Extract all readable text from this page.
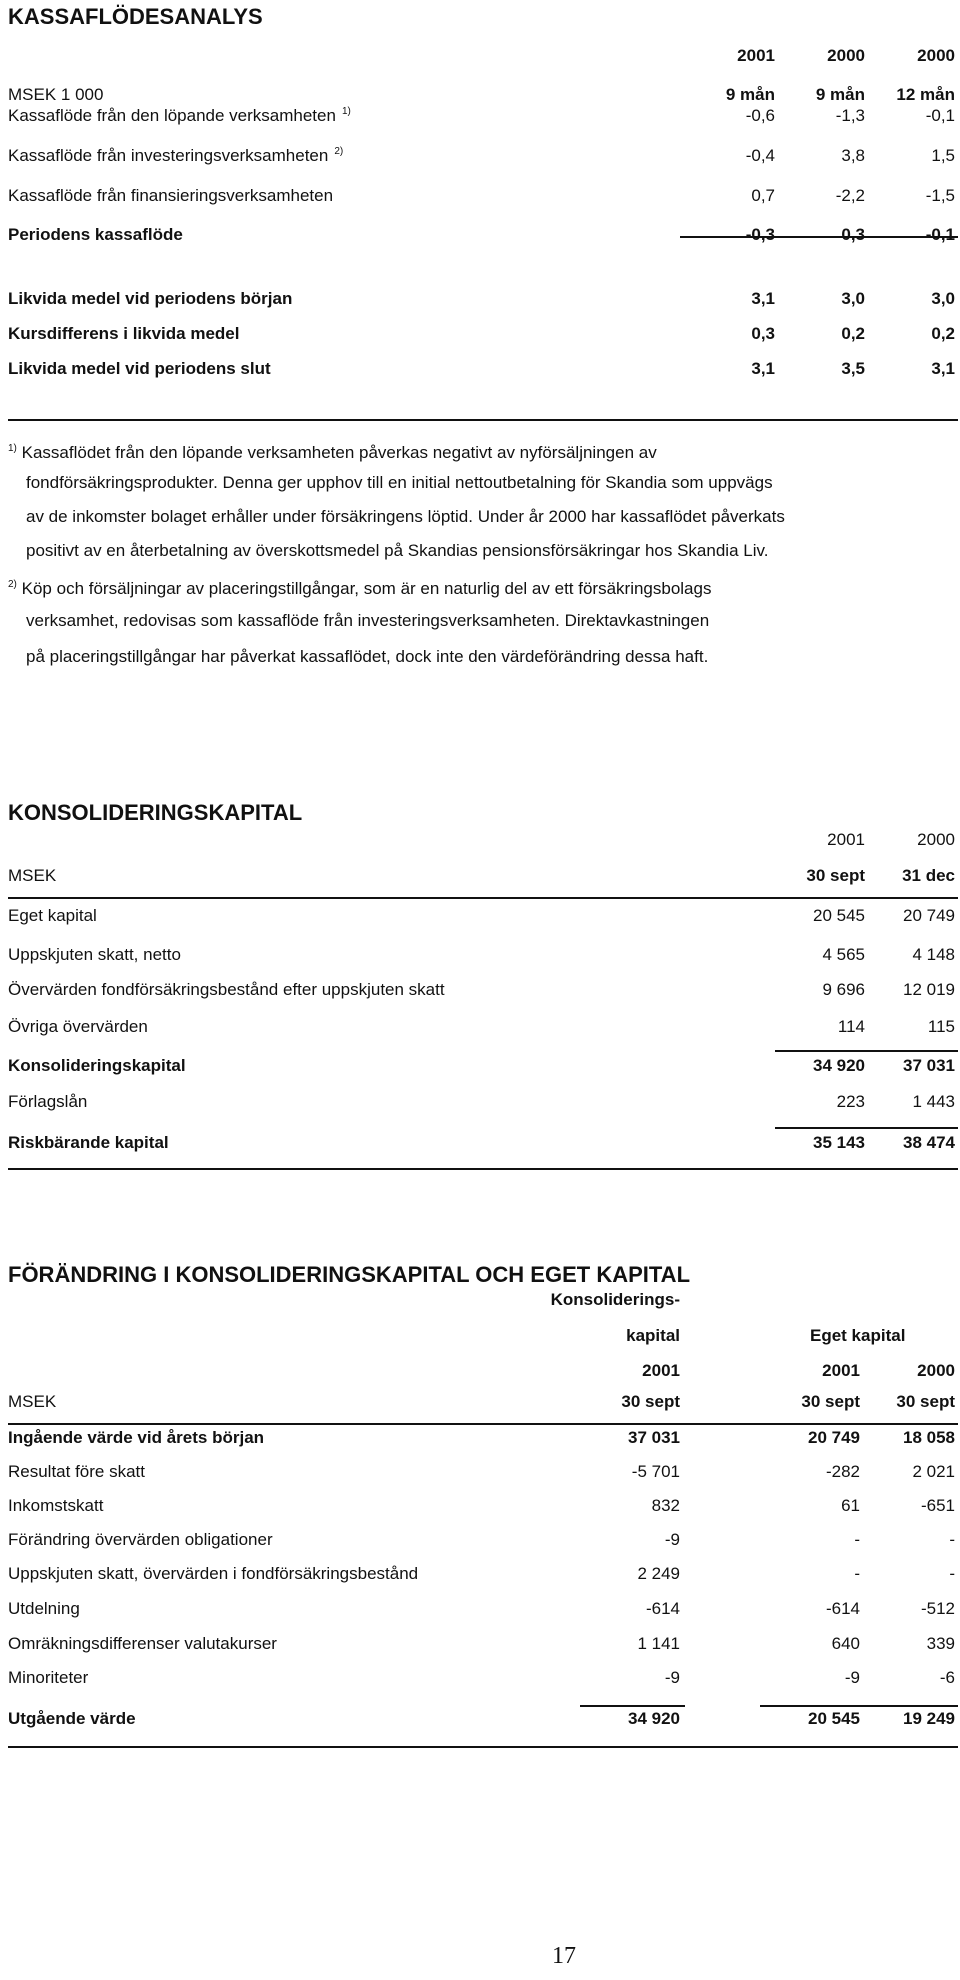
KASSAFLÖDESANALYS
2001	2000	2000
MSEK 1 000	9 mån	9 mån	12 mån
Kassaflöde från den löpande verksamheten $^{1)}$	-0,6	-1,3	-0,1
Kassaflöde från investeringsverksamheten $^{2)}$	-0,4	3,8	1,5
Kassaflöde från finansieringsverksamheten	0,7	-2,2	-1,5
Periodens kassaflöde	-0,3	0,3	-0,1
Likvida medel vid periodens början	3,1	3,0	3,0
Kursdifferens i likvida medel	0,3	0,2	0,2
Likvida medel vid periodens slut	3,1	3,5	3,1
$^{1)}$ Kassaflödet från den löpande verksamheten påverkas negativt av nyförsäljningen av
fondförsäkringsprodukter. Denna ger upphov till en initial nettoutbetalning för Skandia som uppvägs
av de inkomster bolaget erhåller under försäkringens löptid. Under år 2000 har kassaflödet påverkats
positivt av en återbetalning av överskottsmedel på Skandias pensionsförsäkringar hos Skandia Liv.
$^{2)}$ Köp och försäljningar av placeringstillgångar, som är en naturlig del av ett försäkringsbolags
verksamhet, redovisas som kassaflöde från investeringsverksamheten. Direktavkastningen
på placeringstillgångar har påverkat kassaflödet, dock inte den värdeförändring dessa haft.
KONSOLIDERINGSKAPITAL
2001	2000
MSEK	30 sept	31 dec
Eget kapital	20 545	20 749
Uppskjuten skatt, netto	4 565	4 148
Övervärden fondförsäkringsbestånd efter uppskjuten skatt	9 696	12 019
Övriga övervärden	114	115
Konsolideringskapital	34 920	37 031
Förlagslån	223	1 443
Riskbärande kapital	35 143	38 474
FÖRÄNDRING I KONSOLIDERINGSKAPITAL OCH EGET KAPITAL
Konsoliderings-
kapital	Eget kapital
2001	2001	2000
MSEK	30 sept	30 sept	30 sept
Ingående värde vid årets början	37 031	20 749	18 058
Resultat före skatt	-5 701	-282	2 021
Inkomstskatt	832	61	-651
Förändring övervärden obligationer	-9	-	-
Uppskjuten skatt, övervärden i fondförsäkringsbestånd	2 249	-	-
Utdelning	-614	-614	-512
Omräkningsdifferenser valutakurser	1 141	640	339
Minoriteter	-9	-9	-6
Utgående värde	34 920	20 545	19 249
17
